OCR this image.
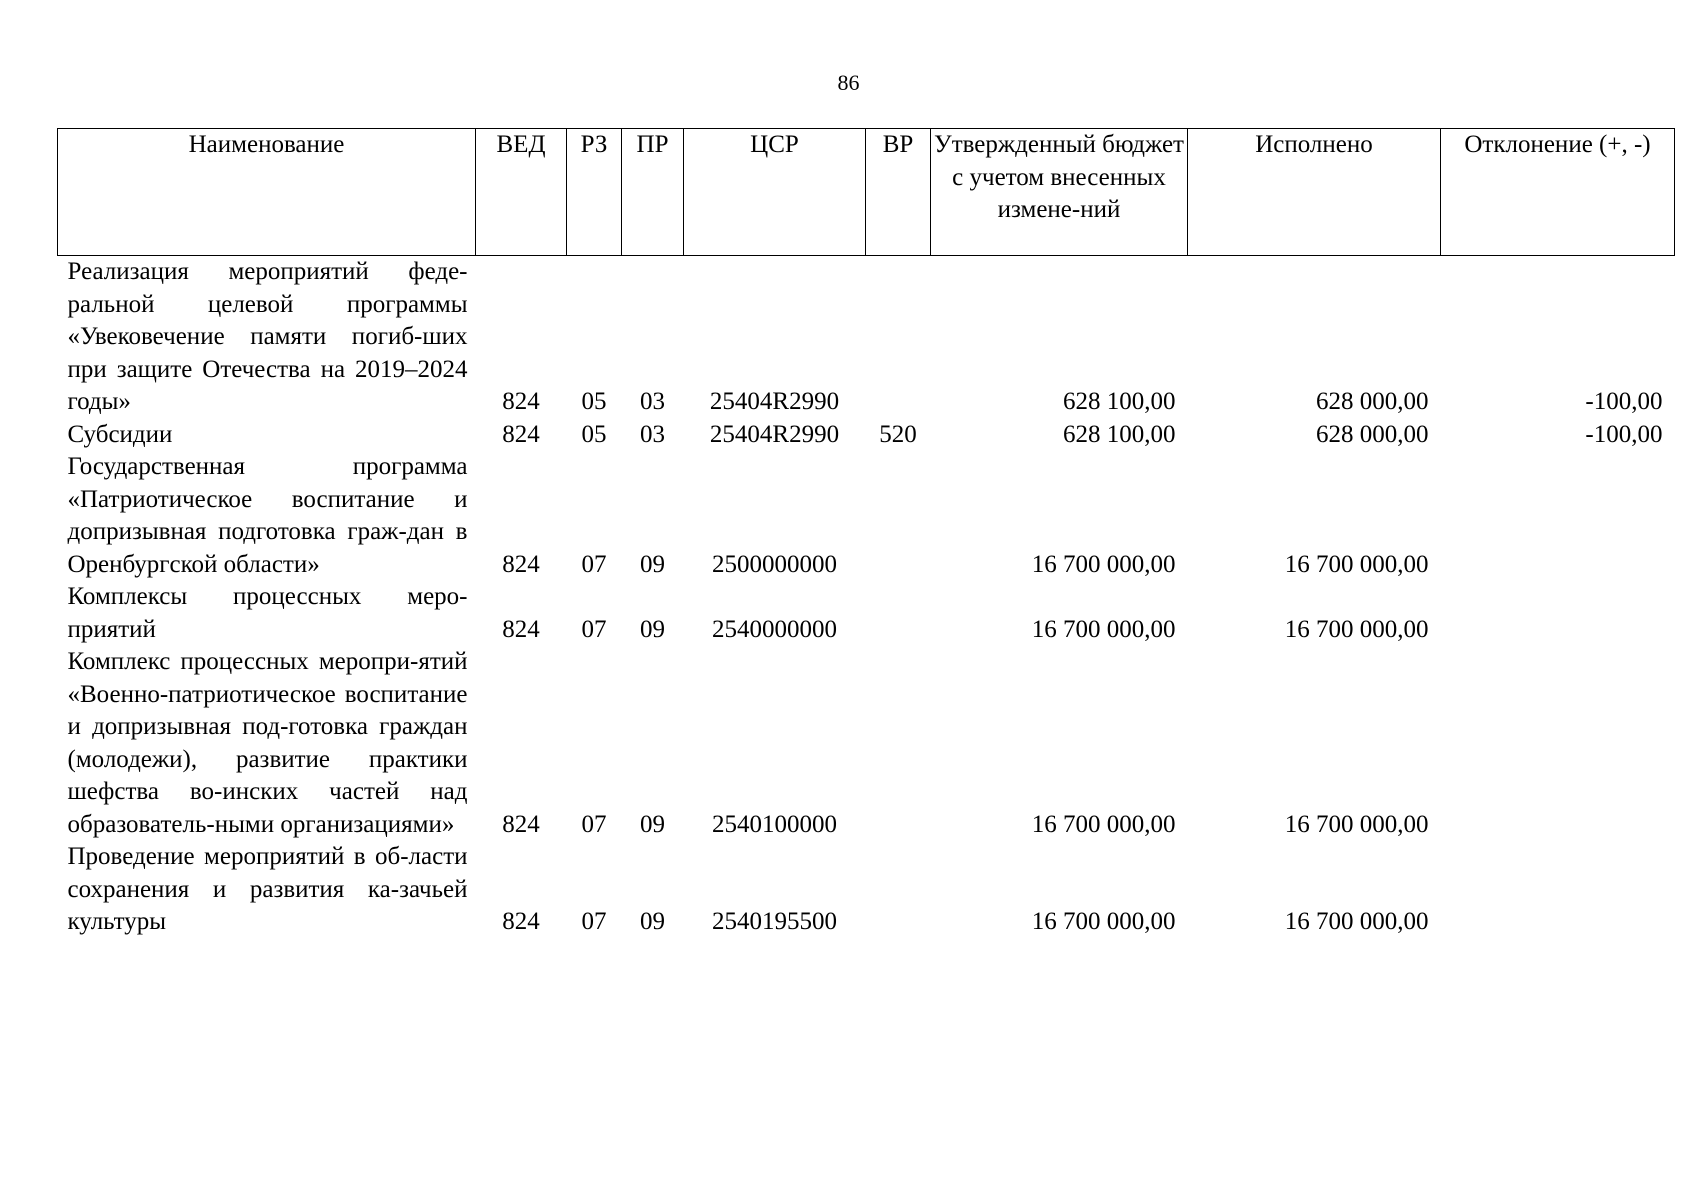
86
Наименование	ВЕД	РЗ	ПР	ЦСР	ВР	Утвержденный бюджет с учетом внесенных измене-ний	Исполнено	Отклонение (+, -)
Реализация мероприятий феде-ральной целевой программы «Увековечение памяти погиб-ших при защите Отечества на 2019–2024 годы»	824	05	03	25404R2990		628 100,00	628 000,00	-100,00
Субсидии	824	05	03	25404R2990	520	628 100,00	628 000,00	-100,00
Государственная программа «Патриотическое воспитание и допризывная подготовка граж-дан в Оренбургской области»	824	07	09	2500000000		16 700 000,00	16 700 000,00	
Комплексы процессных меро-приятий	824	07	09	2540000000		16 700 000,00	16 700 000,00	
Комплекс процессных меропри-ятий «Военно-патриотическое воспитание и допризывная под-готовка граждан (молодежи), развитие практики шефства во-инских частей над образователь-ными организациями»	824	07	09	2540100000		16 700 000,00	16 700 000,00	
Проведение мероприятий в об-ласти сохранения и развития ка-зачьей культуры	824	07	09	2540195500		16 700 000,00	16 700 000,00	
